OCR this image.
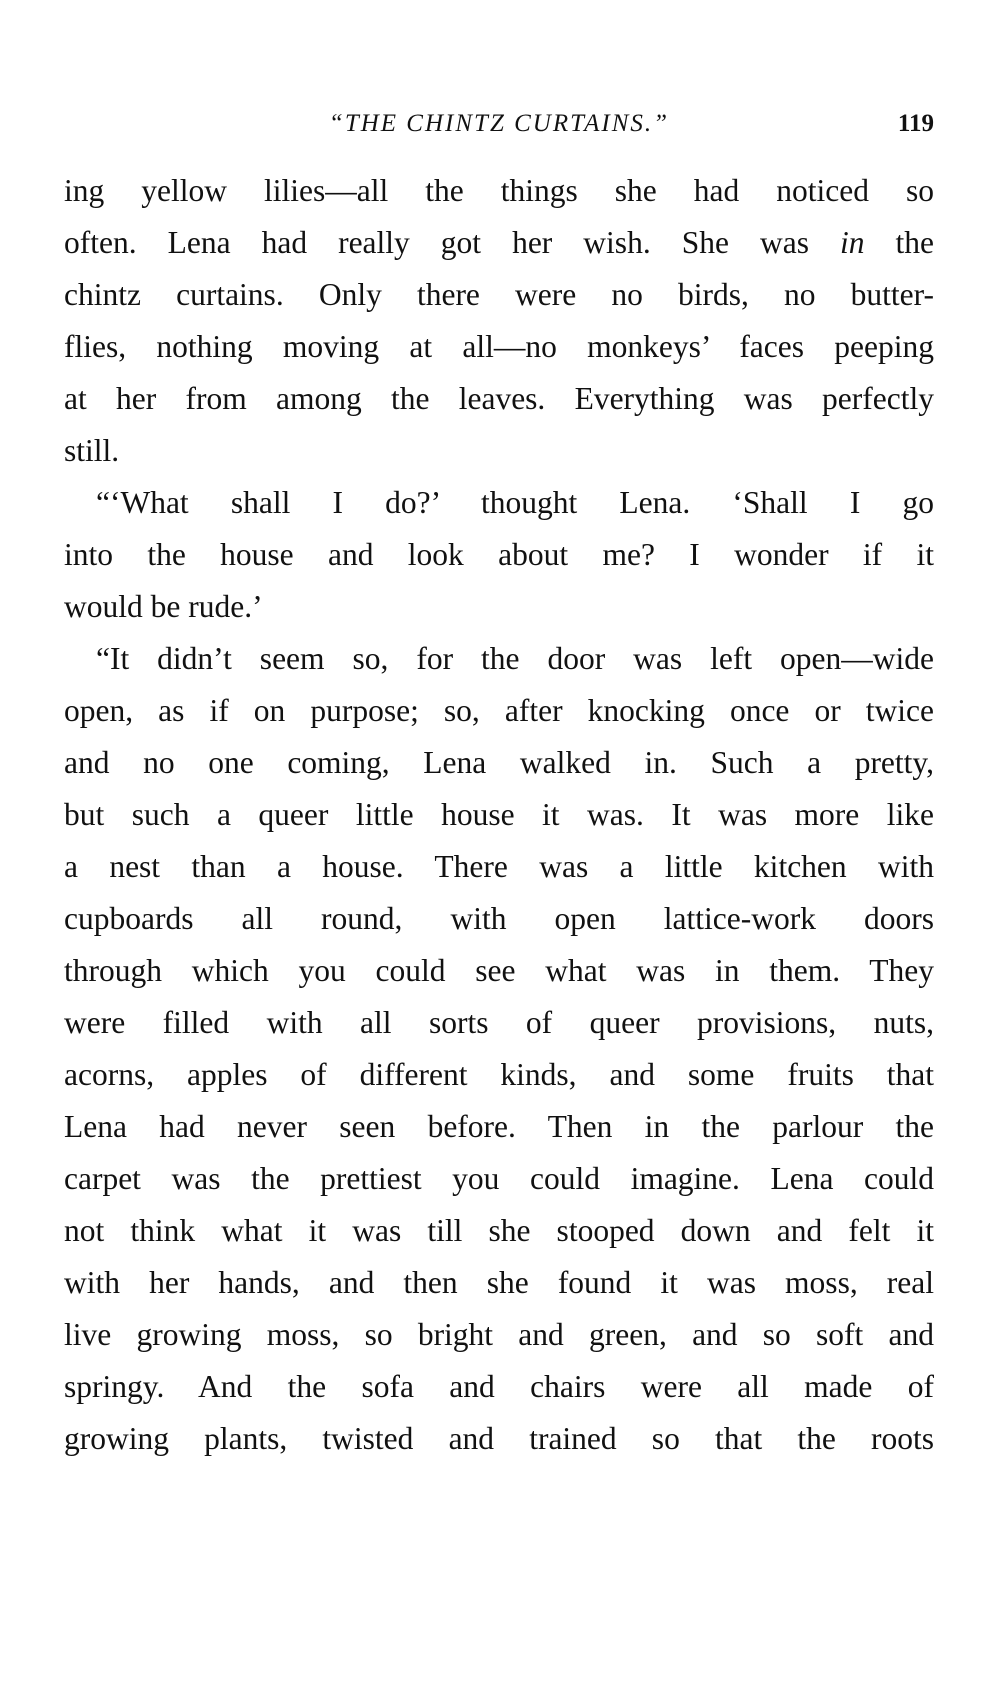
“THE CHINTZ CURTAINS.”	119
ing yellow lilies—all the things she had noticed so
often. Lena had really got her wish. She was in the
chintz curtains. Only there were no birds, no butter-
flies, nothing moving at all—no monkeys’ faces peeping
at her from among the leaves. Everything was perfectly
still.
“‘What shall I do?’ thought Lena. ‘Shall I go
into the house and look about me? I wonder if it
would be rude.’
“It didn’t seem so, for the door was left open—wide
open, as if on purpose; so, after knocking once or twice
and no one coming, Lena walked in. Such a pretty,
but such a queer little house it was. It was more like
a nest than a house. There was a little kitchen with
cupboards all round, with open lattice-work doors
through which you could see what was in them. They
were filled with all sorts of queer provisions, nuts,
acorns, apples of different kinds, and some fruits that
Lena had never seen before. Then in the parlour the
carpet was the prettiest you could imagine. Lena could
not think what it was till she stooped down and felt it
with her hands, and then she found it was moss, real
live growing moss, so bright and green, and so soft and
springy. And the sofa and chairs were all made of
growing plants, twisted and trained so that the roots
